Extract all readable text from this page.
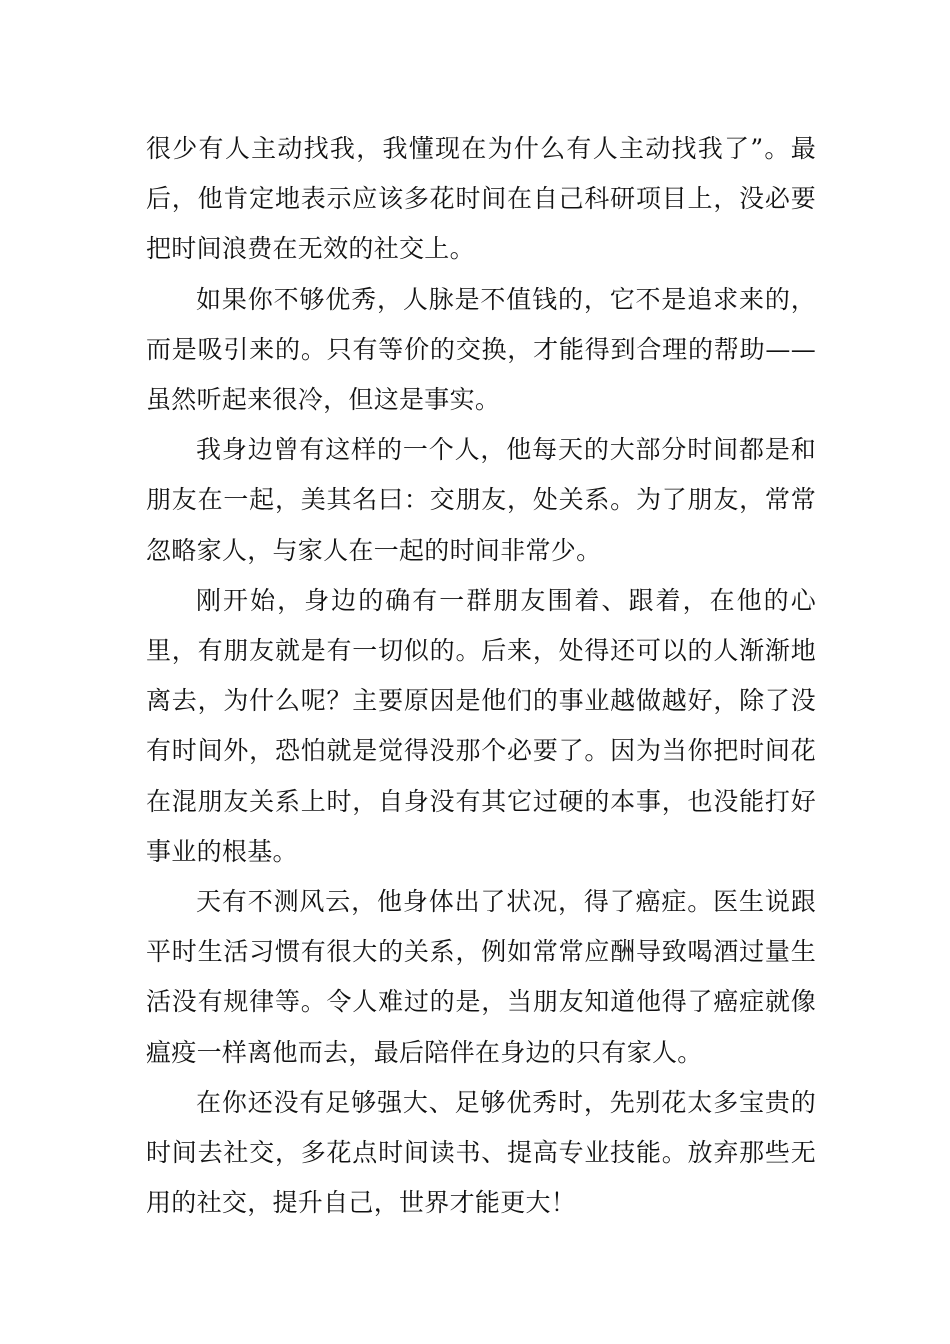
很少有人主动找我，我懂现在为什么有人主动找我了”。最后，他肯定地表示应该多花时间在自己科研项目上，没必要把时间浪费在无效的社交上。

如果你不够优秀，人脉是不值钱的，它不是追求来的，而是吸引来的。只有等价的交换，才能得到合理的帮助——虽然听起来很冷，但这是事实。

我身边曾有这样的一个人，他每天的大部分时间都是和朋友在一起，美其名曰：交朋友，处关系。为了朋友，常常忽略家人，与家人在一起的时间非常少。

刚开始，身边的确有一群朋友围着、跟着，在他的心里，有朋友就是有一切似的。后来，处得还可以的人渐渐地离去，为什么呢？主要原因是他们的事业越做越好，除了没有时间外，恐怕就是觉得没那个必要了。因为当你把时间花在混朋友关系上时，自身没有其它过硬的本事，也没能打好事业的根基。

天有不测风云，他身体出了状况，得了癌症。医生说跟平时生活习惯有很大的关系，例如常常应酬导致喝酒过量生活没有规律等。令人难过的是，当朋友知道他得了癌症就像瘟疫一样离他而去，最后陪伴在身边的只有家人。

在你还没有足够强大、足够优秀时，先别花太多宝贵的时间去社交，多花点时间读书、提高专业技能。放弃那些无用的社交，提升自己，世界才能更大！
